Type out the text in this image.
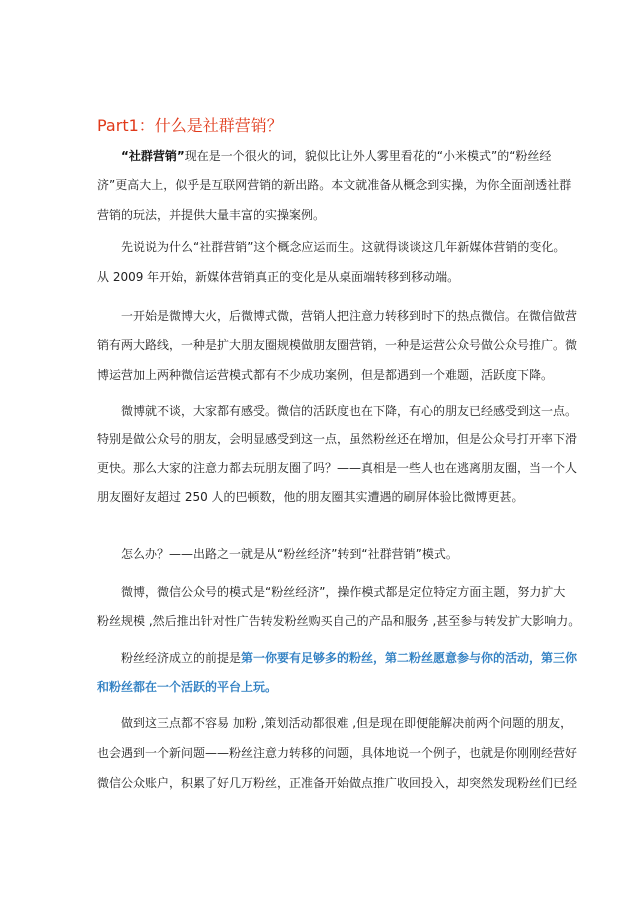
Part1：什么是社群营销？
“社群营销”现在是一个很火的词，貌似比让外人雾里看花的“小米模式”的“粉丝经
济”更高大上，似乎是互联网营销的新出路。本文就准备从概念到实操，为你全面剖透社群
营销的玩法，并提供大量丰富的实操案例。
先说说为什么“社群营销”这个概念应运而生。这就得谈谈这几年新媒体营销的变化。
从 2009 年开始，新媒体营销真正的变化是从桌面端转移到移动端。
一开始是微博大火，后微博式微，营销人把注意力转移到时下的热点微信。在微信做营
销有两大路线，一种是扩大朋友圈规模做朋友圈营销，一种是运营公众号做公众号推广。微
博运营加上两种微信运营模式都有不少成功案例，但是都遇到一个难题，活跃度下降。
微博就不谈，大家都有感受。微信的活跃度也在下降，有心的朋友已经感受到这一点。
特别是做公众号的朋友，会明显感受到这一点，虽然粉丝还在增加，但是公众号打开率下滑
更快。那么大家的注意力都去玩朋友圈了吗？——真相是一些人也在逃离朋友圈，当一个人
朋友圈好友超过 250 人的巴顿数，他的朋友圈其实遭遇的刷屏体验比微博更甚。
怎么办？——出路之一就是从“粉丝经济”转到“社群营销”模式。
微博，微信公众号的模式是“粉丝经济”，操作模式都是定位特定方面主题，努力扩大
粉丝规模 ,然后推出针对性广告转发粉丝购买自己的产品和服务 ,甚至参与转发扩大影响力。
粉丝经济成立的前提是第一你要有足够多的粉丝，第二粉丝愿意参与你的活动，第三你
和粉丝都在一个活跃的平台上玩。
做到这三点都不容易 加粉 ,策划活动都很难 ,但是现在即便能解决前两个问题的朋友，
也会遇到一个新问题——粉丝注意力转移的问题，具体地说一个例子，也就是你刚刚经营好
微信公众账户，积累了好几万粉丝，正准备开始做点推广收回投入，却突然发现粉丝们已经
